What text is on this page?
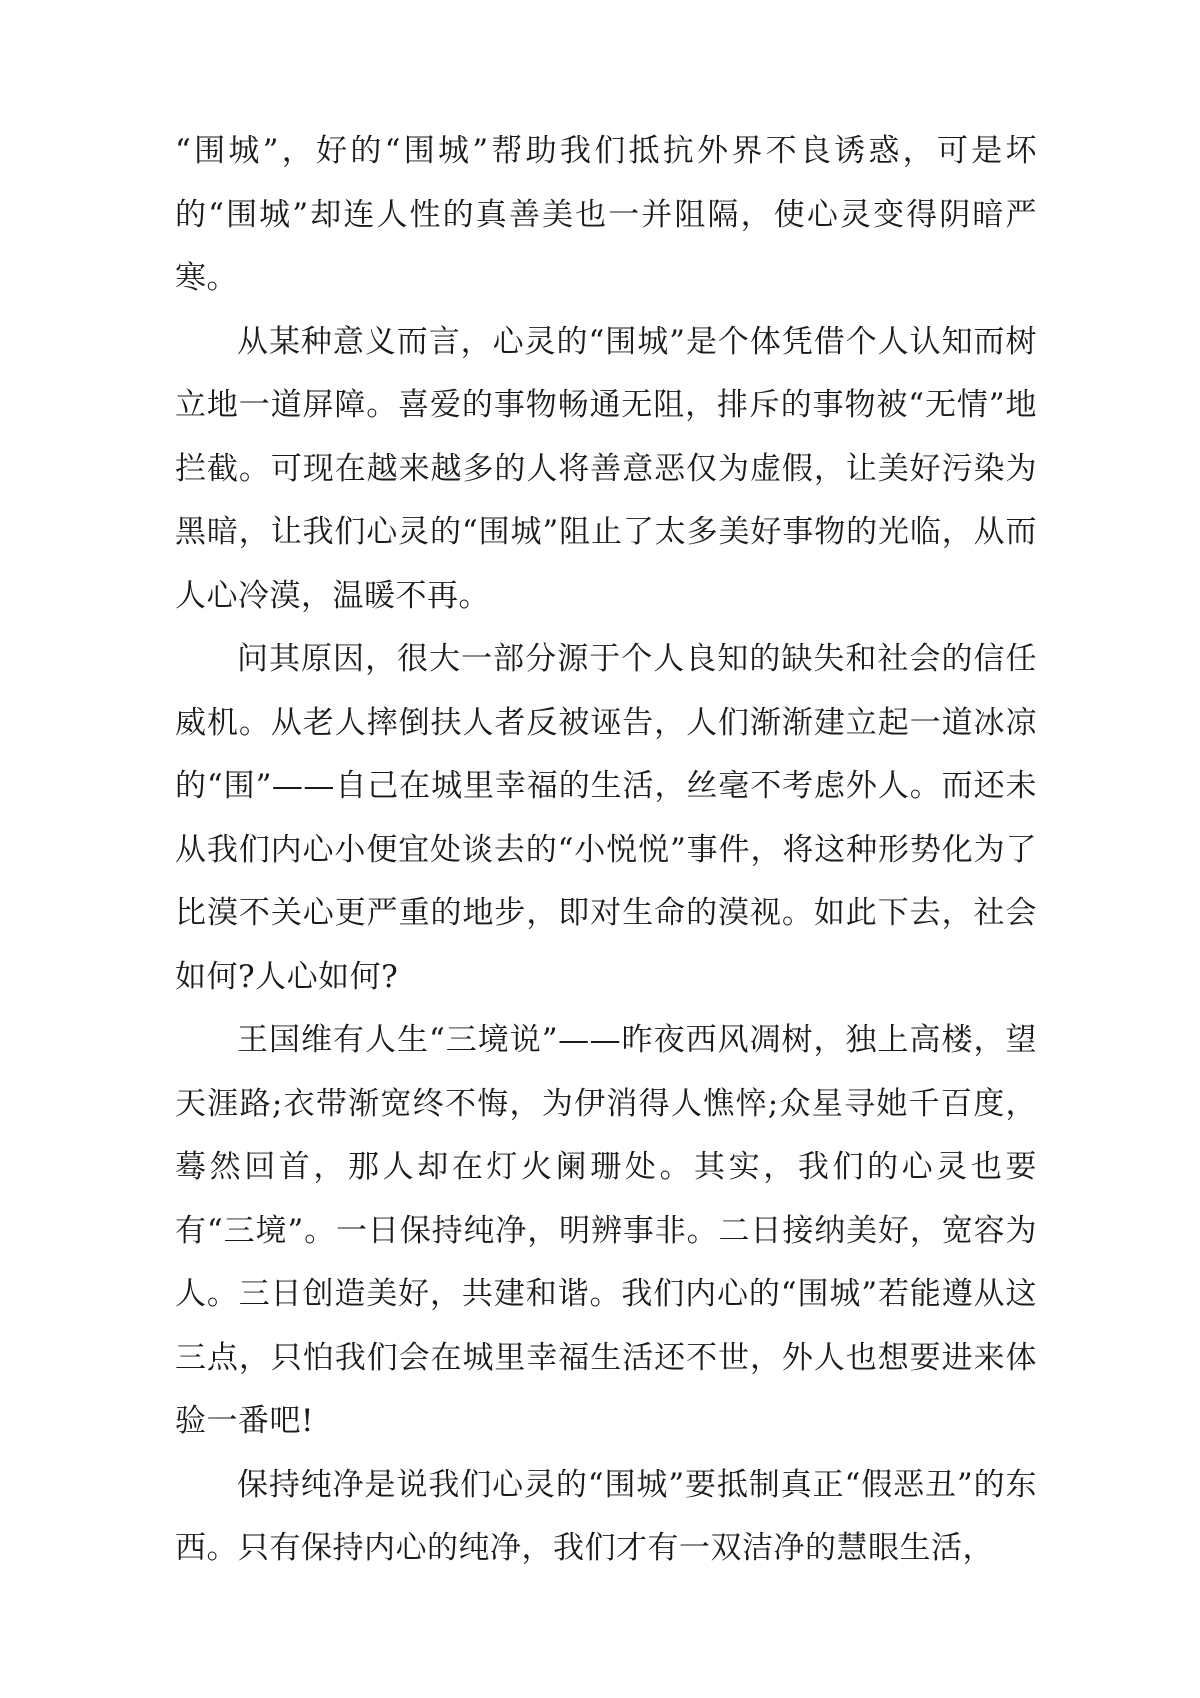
“围城”，好的“围城”帮助我们抵抗外界不良诱惑，可是坏的“围城”却连人性的真善美也一并阻隔，使心灵变得阴暗严寒。

从某种意义而言，心灵的“围城”是个体凭借个人认知而树立地一道屏障。喜爱的事物畅通无阻，排斥的事物被“无情”地拦截。可现在越来越多的人将善意恶仅为虚假，让美好污染为黑暗，让我们心灵的“围城”阻止了太多美好事物的光临，从而人心冷漠，温暖不再。

问其原因，很大一部分源于个人良知的缺失和社会的信任威机。从老人摔倒扶人者反被诬告，人们渐渐建立起一道冰凉的“围”——自己在城里幸福的生活，丝毫不考虑外人。而还未从我们内心小便宜处谈去的“小悦悦”事件，将这种形势化为了比漠不关心更严重的地步，即对生命的漠视。如此下去，社会如何?人心如何?

王国维有人生“三境说”——昨夜西风凋树，独上高楼，望天涯路;衣带渐宽终不悔，为伊消得人憔悴;众星寻她千百度，蓦然回首，那人却在灯火阑珊处。其实，我们的心灵也要有“三境”。一日保持纯净，明辨事非。二日接纳美好，宽容为人。三日创造美好，共建和谐。我们内心的“围城”若能遵从这三点，只怕我们会在城里幸福生活还不世，外人也想要进来体验一番吧!

保持纯净是说我们心灵的“围城”要抵制真正“假恶丑”的东西。只有保持内心的纯净，我们才有一双洁净的慧眼生活，
